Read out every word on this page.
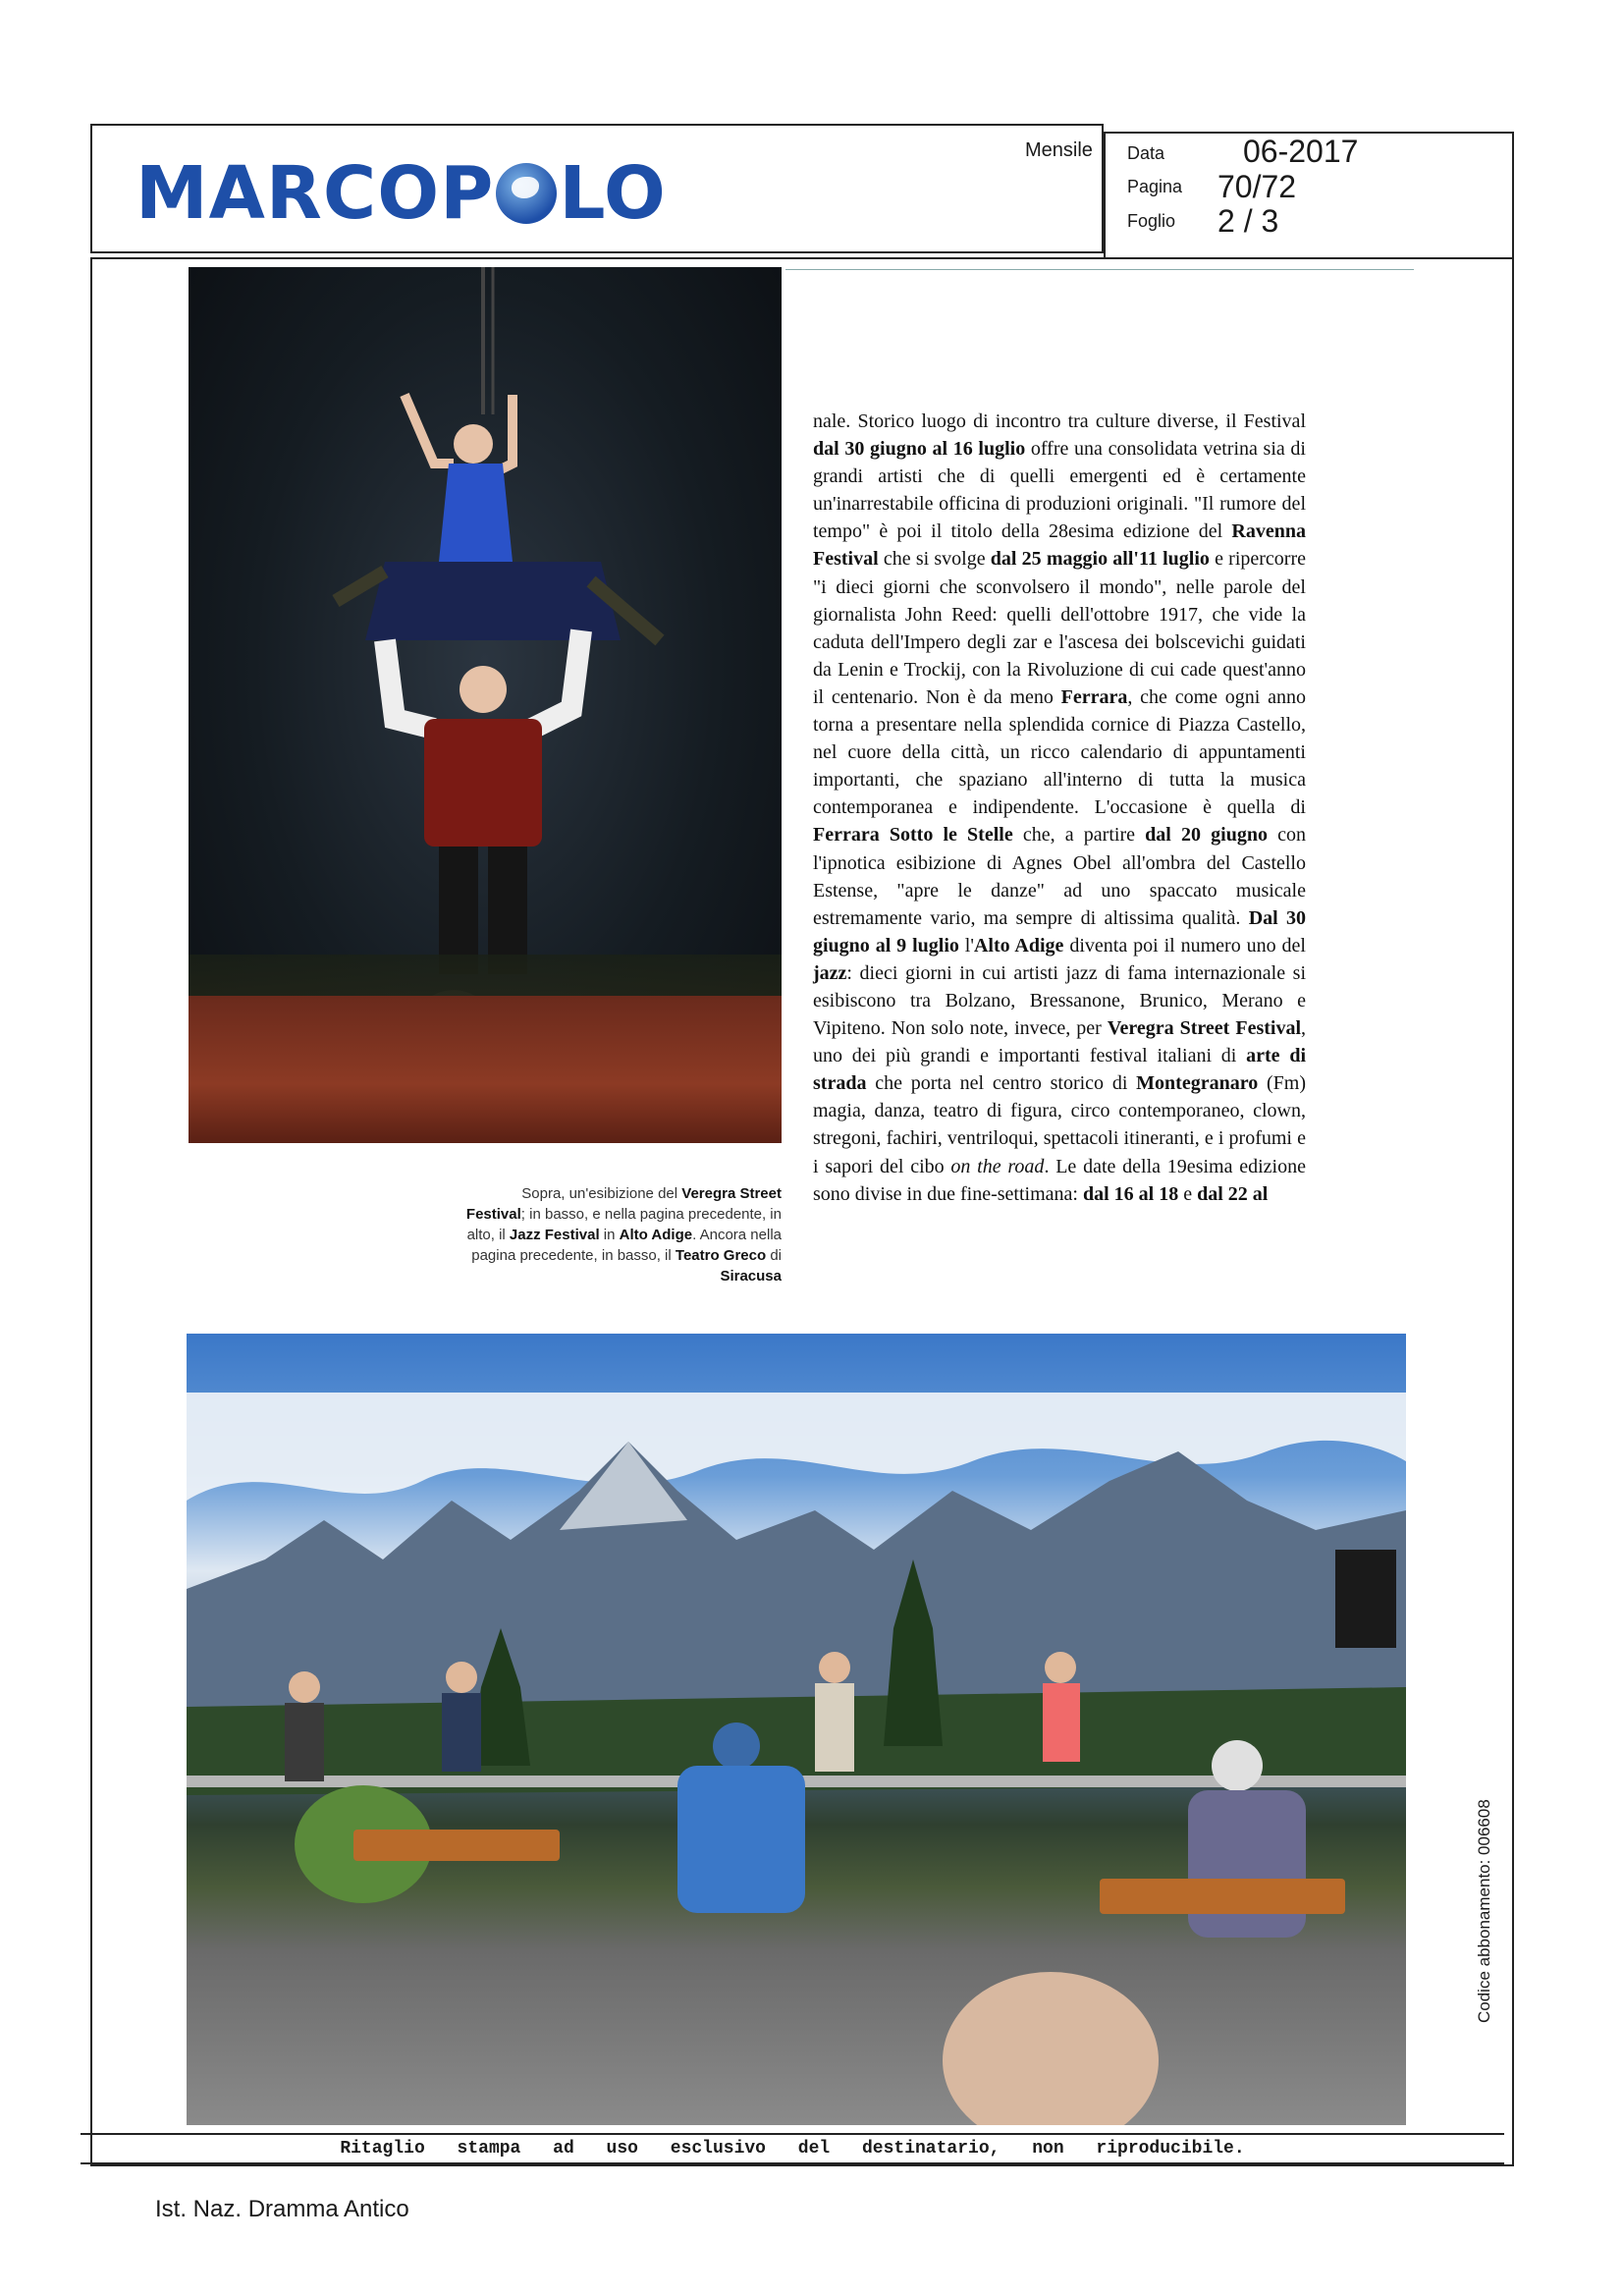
MARCOP LO
Mensile Data 06-2017
Pagina 70/72
Foglio 2 / 3
Sopra, un'esibizione del Veregra Street Festival; in basso, e nella pagina precedente, in alto, il Jazz Festival in Alto Adige. Ancora nella pagina precedente, in basso, il Teatro Greco di Siracusa
nale. Storico luogo di incontro tra culture diverse, il Festival dal 30 giugno al 16 luglio offre una consolidata vetrina sia di grandi artisti che di quelli emergenti ed è certamente un'inarrestabile officina di produzioni originali. "Il rumore del tempo" è poi il titolo della 28esima edizione del Ravenna Festival che si svolge dal 25 maggio all'11 luglio e ripercorre "i dieci giorni che sconvolsero il mondo", nelle parole del giornalista John Reed: quelli dell'ottobre 1917, che vide la caduta dell'Impero degli zar e l'ascesa dei bolscevichi guidati da Lenin e Trockij, con la Rivoluzione di cui cade quest'anno il centenario. Non è da meno Ferrara, che come ogni anno torna a presentare nella splendida cornice di Piazza Castello, nel cuore della città, un ricco calendario di appuntamenti importanti, che spaziano all'interno di tutta la musica contemporanea e indipendente. L'occasione è quella di Ferrara Sotto le Stelle che, a partire dal 20 giugno con l'ipnotica esibizione di Agnes Obel all'ombra del Castello Estense, "apre le danze" ad uno spaccato musicale estremamente vario, ma sempre di altissima qualità. Dal 30 giugno al 9 luglio l'Alto Adige diventa poi il numero uno del jazz: dieci giorni in cui artisti jazz di fama internazionale si esibiscono tra Bolzano, Bressanone, Brunico, Merano e Vipiteno. Non solo note, invece, per Veregra Street Festival, uno dei più grandi e importanti festival italiani di arte di strada che porta nel centro storico di Montegranaro (Fm) magia, danza, teatro di figura, circo contemporaneo, clown, stregoni, fachiri, ventriloqui, spettacoli itineranti, e i profumi e i sapori del cibo on the road. Le date della 19esima edizione sono divise in due fine-settimana: dal 16 al 18 e dal 22 al
Ritaglio stampa ad uso esclusivo del destinatario, non riproducibile.
Codice abbonamento: 006608
Ist. Naz. Dramma Antico
